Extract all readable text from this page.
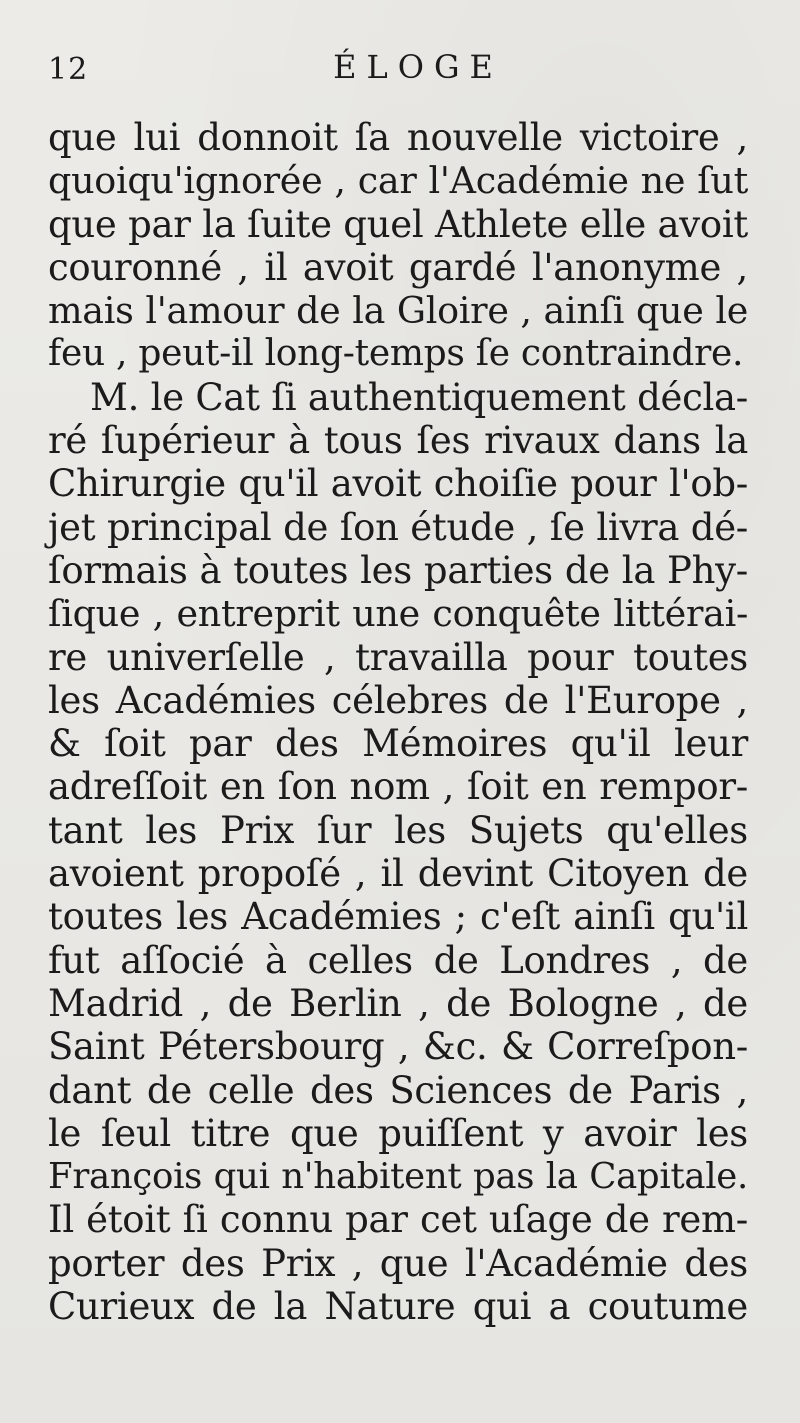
12	ÉLOGE
que lui donnoit ſa nouvelle victoire ,
quoiqu'ignorée , car l'Académie ne ſut
que par la ſuite quel Athlete elle avoit
couronné , il avoit gardé l'anonyme ,
mais l'amour de la Gloire , ainſi que le
feu , peut-il long-temps ſe contraindre.
M. le Cat ſi authentiquement décla-
ré ſupérieur à tous ſes rivaux dans la
Chirurgie qu'il avoit choiſie pour l'ob-
jet principal de ſon étude , ſe livra dé-
ſormais à toutes les parties de la Phy-
ſique , entreprit une conquête littérai-
re univerſelle , travailla pour toutes
les Académies célebres de l'Europe ,
& ſoit par des Mémoires qu'il leur
adreſſoit en ſon nom , ſoit en rempor-
tant les Prix ſur les Sujets qu'elles
avoient propoſé , il devint Citoyen de
toutes les Académies ; c'eſt ainſi qu'il
fut aſſocié à celles de Londres , de
Madrid , de Berlin , de Bologne , de
Saint Pétersbourg , &c. & Correſpon-
dant de celle des Sciences de Paris ,
le ſeul titre que puiſſent y avoir les
François qui n'habitent pas la Capitale.
Il étoit ſi connu par cet uſage de rem-
porter des Prix , que l'Académie des
Curieux de la Nature qui a coutume
